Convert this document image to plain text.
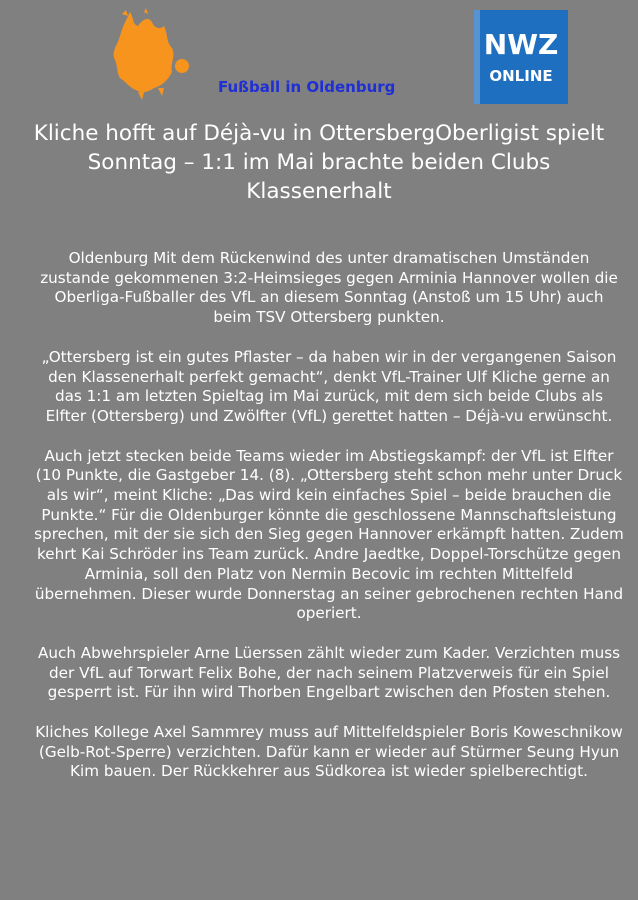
NWZ
ONLINE
Fußball in Oldenburg
Kliche hofft auf Déjà-vu in OttersbergOberligist spielt Sonntag – 1:1 im Mai brachte beiden Clubs Klassenerhalt

Oldenburg Mit dem Rückenwind des unter dramatischen Umständen zustande gekommenen 3:2-Heimsieges gegen Arminia Hannover wollen die Oberliga-Fußballer des VfL an diesem Sonntag (Anstoß um 15 Uhr) auch beim TSV Ottersberg punkten.

„Ottersberg ist ein gutes Pflaster – da haben wir in der vergangenen Saison den Klassenerhalt perfekt gemacht“, denkt VfL-Trainer Ulf Kliche gerne an das 1:1 am letzten Spieltag im Mai zurück, mit dem sich beide Clubs als Elfter (Ottersberg) und Zwölfter (VfL) gerettet hatten – Déjà-vu erwünscht.

Auch jetzt stecken beide Teams wieder im Abstiegskampf: der VfL ist Elfter (10 Punkte, die Gastgeber 14. (8). „Ottersberg steht schon mehr unter Druck als wir“, meint Kliche: „Das wird kein einfaches Spiel – beide brauchen die Punkte.“ Für die Oldenburger könnte die geschlossene Mannschaftsleistung sprechen, mit der sie sich den Sieg gegen Hannover erkämpft hatten. Zudem kehrt Kai Schröder ins Team zurück. Andre Jaedtke, Doppel-Torschütze gegen Arminia, soll den Platz von Nermin Becovic im rechten Mittelfeld übernehmen. Dieser wurde Donnerstag an seiner gebrochenen rechten Hand operiert.

Auch Abwehrspieler Arne Lüerssen zählt wieder zum Kader. Verzichten muss der VfL auf Torwart Felix Bohe, der nach seinem Platzverweis für ein Spiel gesperrt ist. Für ihn wird Thorben Engelbart zwischen den Pfosten stehen.

Kliches Kollege Axel Sammrey muss auf Mittelfeldspieler Boris Koweschnikow (Gelb-Rot-Sperre) verzichten. Dafür kann er wieder auf Stürmer Seung Hyun Kim bauen. Der Rückkehrer aus Südkorea ist wieder spielberechtigt.
